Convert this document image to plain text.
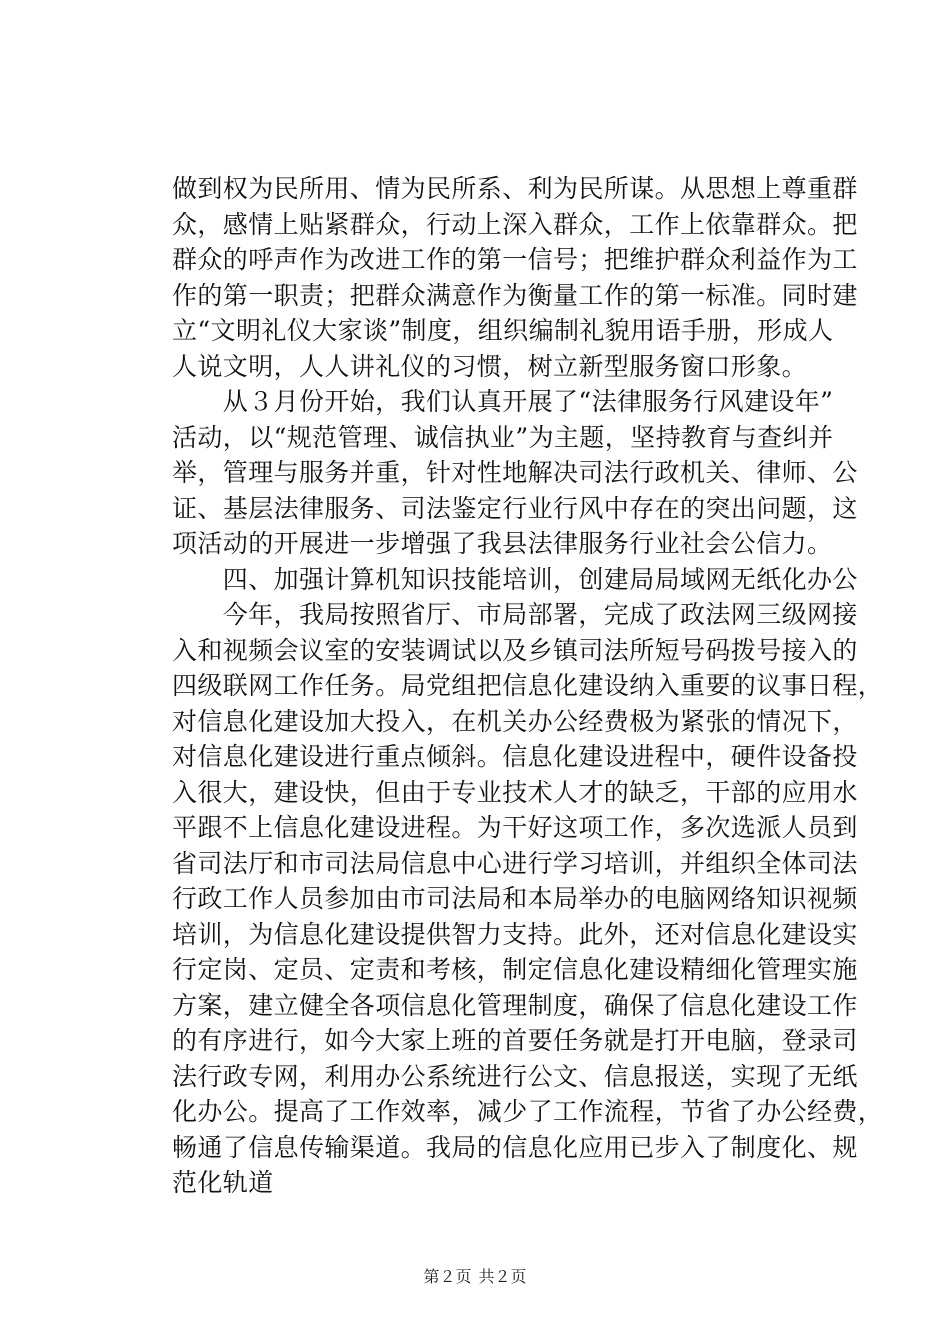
做到权为民所用、情为民所系、利为民所谋。从思想上尊重群
众，感情上贴紧群众，行动上深入群众，工作上依靠群众。把
群众的呼声作为改进工作的第一信号；把维护群众利益作为工
作的第一职责；把群众满意作为衡量工作的第一标准。同时建
立“文明礼仪大家谈”制度，组织编制礼貌用语手册，形成人
人说文明，人人讲礼仪的习惯，树立新型服务窗口形象。
　　从３月份开始，我们认真开展了“法律服务行风建设年”
活动，以“规范管理、诚信执业”为主题，坚持教育与查纠并
举，管理与服务并重，针对性地解决司法行政机关、律师、公
证、基层法律服务、司法鉴定行业行风中存在的突出问题，这
项活动的开展进一步增强了我县法律服务行业社会公信力。
　　四、加强计算机知识技能培训，创建局局域网无纸化办公
　　今年，我局按照省厅、市局部署，完成了政法网三级网接
入和视频会议室的安装调试以及乡镇司法所短号码拨号接入的
四级联网工作任务。局党组把信息化建设纳入重要的议事日程，
对信息化建设加大投入，在机关办公经费极为紧张的情况下，
对信息化建设进行重点倾斜。信息化建设进程中，硬件设备投
入很大，建设快，但由于专业技术人才的缺乏，干部的应用水
平跟不上信息化建设进程。为干好这项工作，多次选派人员到
省司法厅和市司法局信息中心进行学习培训，并组织全体司法
行政工作人员参加由市司法局和本局举办的电脑网络知识视频
培训，为信息化建设提供智力支持。此外，还对信息化建设实
行定岗、定员、定责和考核，制定信息化建设精细化管理实施
方案，建立健全各项信息化管理制度，确保了信息化建设工作
的有序进行，如今大家上班的首要任务就是打开电脑，登录司
法行政专网，利用办公系统进行公文、信息报送，实现了无纸
化办公。提高了工作效率，减少了工作流程，节省了办公经费，
畅通了信息传输渠道。我局的信息化应用已步入了制度化、规
范化轨道
第２页 共２页
